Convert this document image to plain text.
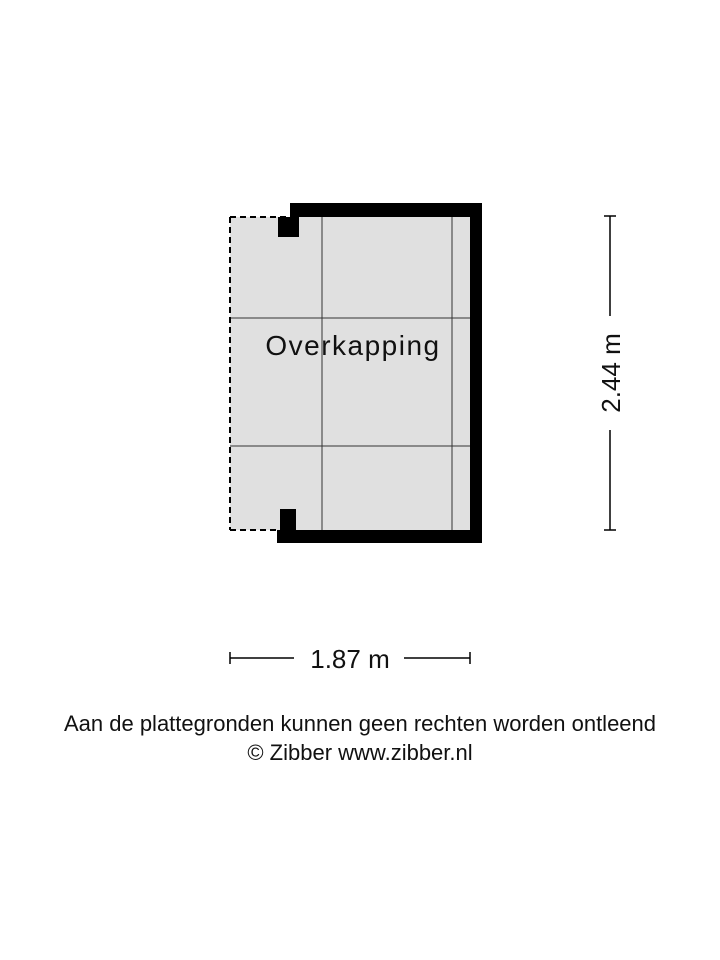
Overkapping	2.44 m
1.87 m
Aan de plattegronden kunnen geen rechten worden ontleend
© Zibber www.zibber.nl
